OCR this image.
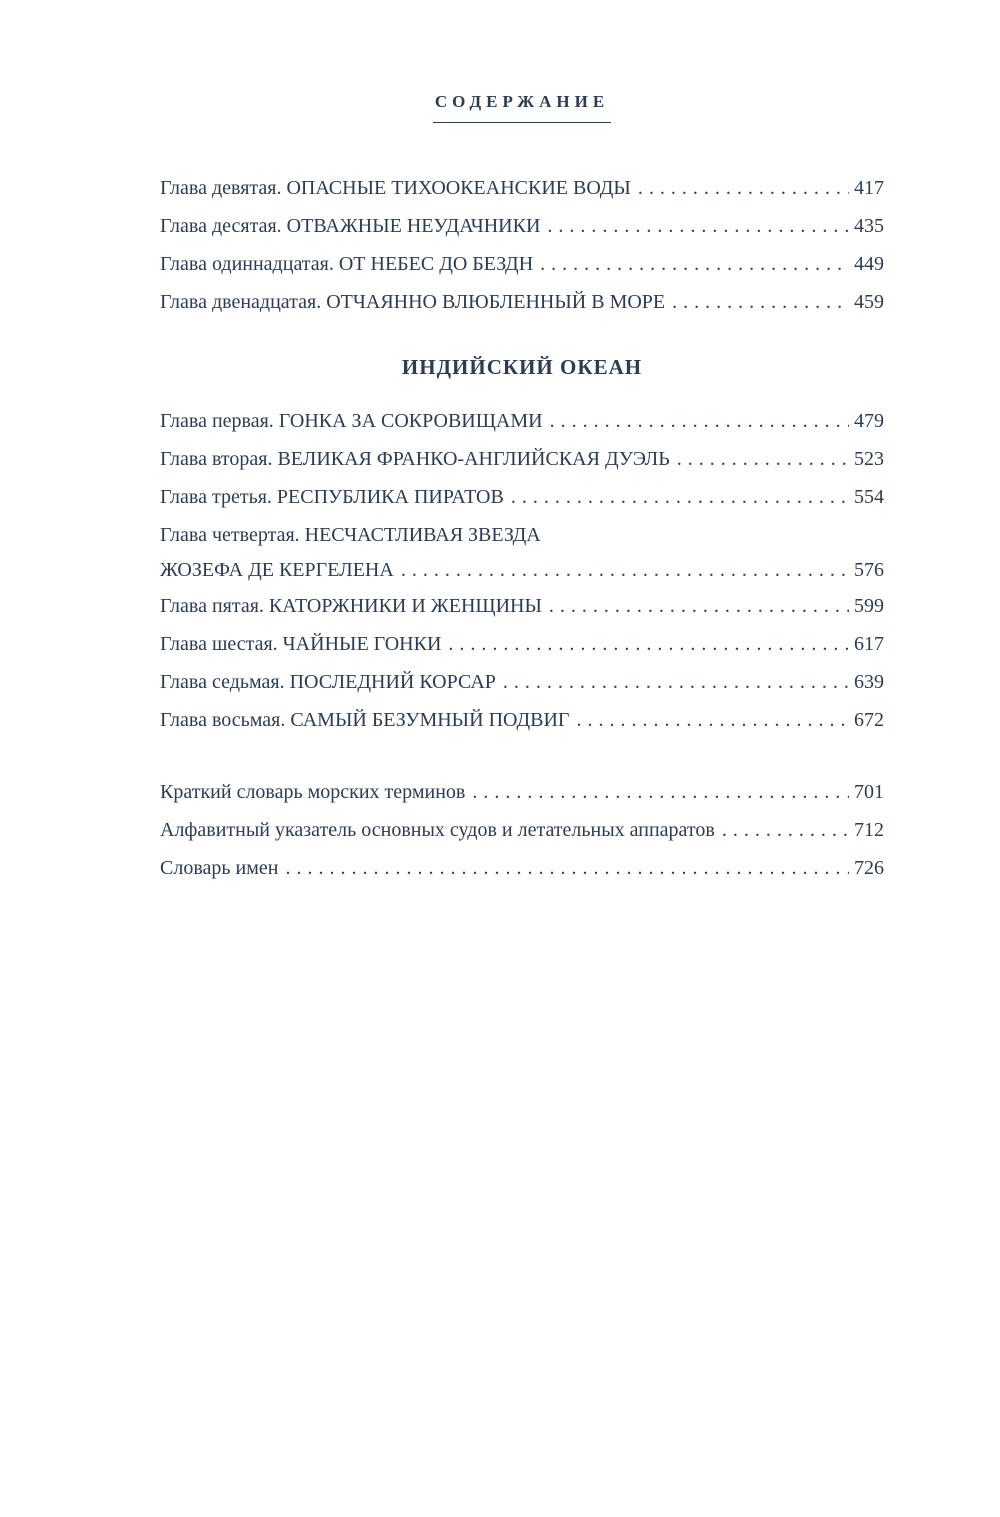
СОДЕРЖАНИЕ
Глава девятая. ОПАСНЫЕ ТИХООКЕАНСКИЕ ВОДЫ .....	417
Глава десятая. ОТВАЖНЫЕ НЕУДАЧНИКИ .....	435
Глава одиннадцатая. ОТ НЕБЕС ДО БЕЗДН .....	449
Глава двенадцатая. ОТЧАЯННО ВЛЮБЛЕННЫЙ В МОРЕ .....	459
ИНДИЙСКИЙ ОКЕАН
Глава первая. ГОНКА ЗА СОКРОВИЩАМИ .....	479
Глава вторая. ВЕЛИКАЯ ФРАНКО-АНГЛИЙСКАЯ ДУЭЛЬ .....	523
Глава третья. РЕСПУБЛИКА ПИРАТОВ .....	554
Глава четвертая. НЕСЧАСТЛИВАЯ ЗВЕЗДА
ЖОЗЕФА ДЕ КЕРГЕЛЕНА .....	576
Глава пятая. КАТОРЖНИКИ И ЖЕНЩИНЫ .....	599
Глава шестая. ЧАЙНЫЕ ГОНКИ .....	617
Глава седьмая. ПОСЛЕДНИЙ КОРСАР .....	639
Глава восьмая. САМЫЙ БЕЗУМНЫЙ ПОДВИГ .....	672
Краткий словарь морских терминов .....	701
Алфавитный указатель основных судов и летательных аппаратов .....	712
Словарь имен .....	726
